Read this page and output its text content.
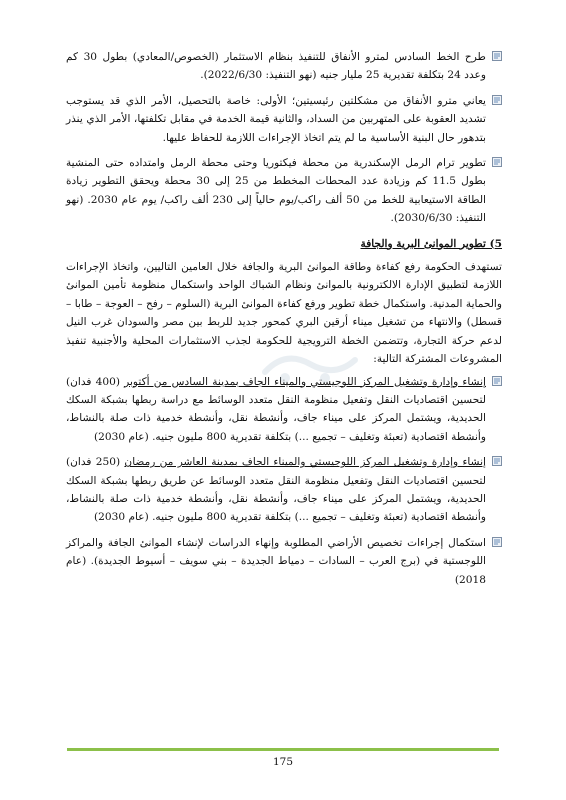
طرح الخط السادس لمترو الأنفاق للتنفيذ بنظام الاستثمار (الخصوص/المعادي) بطول 30 كم وعدد 24 بتكلفة تقديرية 25 مليار جنيه (نهو التنفيذ: 2022/6/30).
يعاني مترو الأنفاق من مشكلتين رئيسيتين؛ الأولى: خاصة بالتحصيل، الأمر الذي قد يستوجب تشديد العقوبة على المتهربين من السداد، والثانية قيمة الخدمة في مقابل تكلفتها، الأمر الذي ينذر بتدهور حال البنية الأساسية ما لم يتم اتخاذ الإجراءات اللازمة للحفاظ عليها.
تطوير ترام الرمل الإسكندرية من محطة فيكتوريا وحتى محطة الرمل وامتداده حتى المنشية بطول 11.5 كم وزيادة عدد المحطات المخطط من 25 إلى 30 محطة ويحقق التطوير زيادة الطاقة الاستيعابية للخط من 50 ألف راكب/يوم حالياً إلى 230 ألف راكب/ يوم عام 2030. (نهو التنفيذ: 2030/6/30).
5) تطوير الموانئ البرية والجافة
تستهدف الحكومة رفع كفاءة وطاقة الموانئ البرية والجافة خلال العامين التاليين، واتخاذ الإجراءات اللازمة لتطبيق الإدارة الالكترونية بالموانئ ونظام الشباك الواحد واستكمال منظومة تأمين الموانئ والحماية المدنية. واستكمال خطة تطوير ورفع كفاءة الموانئ البرية (السلوم – رفح – العوجة – طابا – قسطل) والانتهاء من تشغيل ميناء أرقين البري كمحور جديد للربط بين مصر والسودان غرب النيل لدعم حركة التجارة، وتتضمن الخطة الترويجية للحكومة لجذب الاستثمارات المحلية والأجنبية تنفيذ المشروعات المشتركة التالية:
إنشاء وإدارة وتشغيل المركز اللوجيستي والميناء الجاف بمدينة السادس من أكتوبر (400 فدان) لتحسين اقتصاديات النقل وتفعيل منظومة النقل متعدد الوسائط مع دراسة ربطها بشبكة السكك الحديدية، ويشتمل المركز على ميناء جاف، وأنشطة نقل، وأنشطة خدمية ذات صلة بالنشاط، وأنشطة اقتصادية (تعبئة وتغليف – تجميع ...) بتكلفة تقديرية 800 مليون جنيه. (عام 2030)
إنشاء وإدارة وتشغيل المركز اللوجيستي والميناء الجاف بمدينة العاشر من رمضان (250 فدان) لتحسين اقتصاديات النقل وتفعيل منظومة النقل متعدد الوسائط عن طريق ربطها بشبكة السكك الحديدية، ويشتمل المركز على ميناء جاف، وأنشطة نقل، وأنشطة خدمية ذات صلة بالنشاط، وأنشطة اقتصادية (تعبئة وتغليف – تجميع ...) بتكلفة تقديرية 800 مليون جنيه. (عام 2030)
استكمال إجراءات تخصيص الأراضي المطلوبة وإنهاء الدراسات لإنشاء الموانئ الجافة والمراكز اللوجستية في (برج العرب – السادات – دمياط الجديدة – بني سويف – أسيوط الجديدة). (عام 2018)
175
